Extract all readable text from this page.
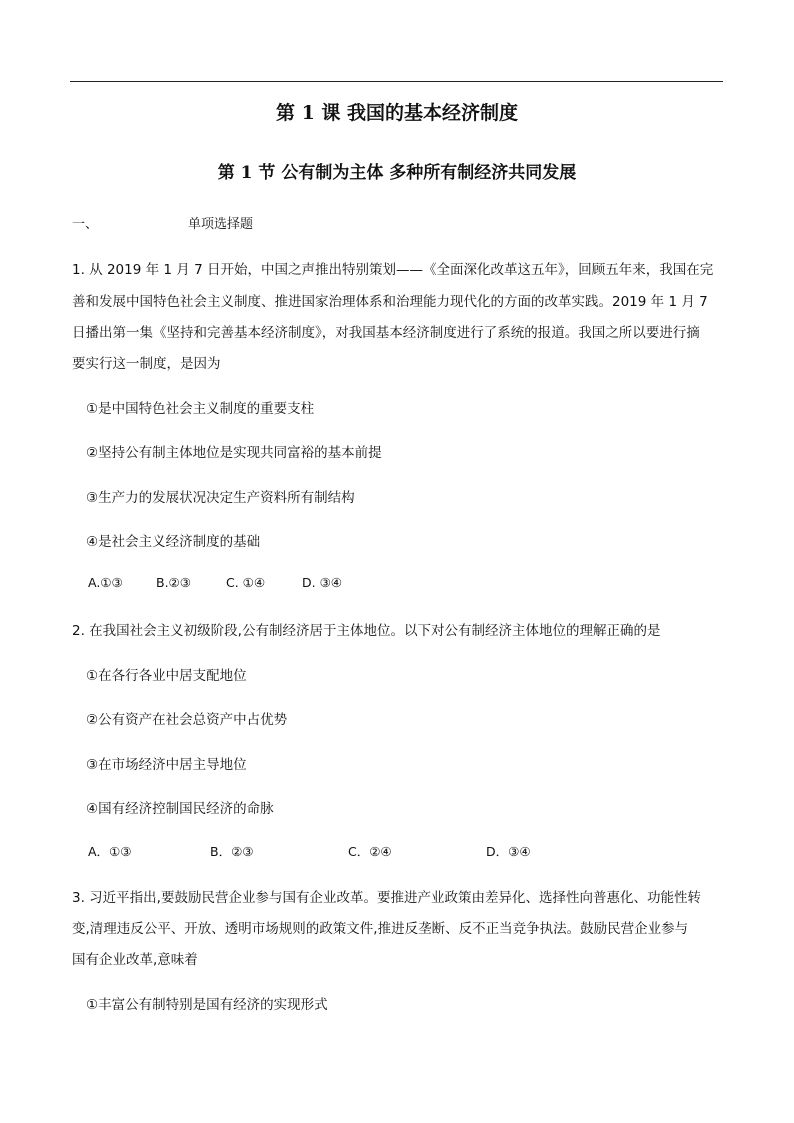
第 1 课 我国的基本经济制度
第 1 节 公有制为主体 多种所有制经济共同发展
一、	单项选择题
1. 从 2019 年 1 月 7 日开始，中国之声推出特别策划——《全面深化改革这五年》，回顾五年来，我国在完
善和发展中国特色社会主义制度、推进国家治理体系和治理能力现代化的方面的改革实践。2019 年 1 月 7
日播出第一集《坚持和完善基本经济制度》，对我国基本经济制度进行了系统的报道。我国之所以要进行摘
要实行这一制度，是因为
①是中国特色社会主义制度的重要支柱
②坚持公有制主体地位是实现共同富裕的基本前提
③生产力的发展状况决定生产资料所有制结构
④是社会主义经济制度的基础
A.①③	B.②③	C. ①④	D. ③④
2. 在我国社会主义初级阶段,公有制经济居于主体地位。以下对公有制经济主体地位的理解正确的是
①在各行各业中居支配地位
②公有资产在社会总资产中占优势
③在市场经济中居主导地位
④国有经济控制国民经济的命脉
A．①③	B．②③	C．②④	D．③④
3. 习近平指出,要鼓励民营企业参与国有企业改革。要推进产业政策由差异化、选择性向普惠化、功能性转
变,清理违反公平、开放、透明市场规则的政策文件,推进反垄断、反不正当竞争执法。鼓励民营企业参与
国有企业改革,意味着
①丰富公有制特别是国有经济的实现形式
